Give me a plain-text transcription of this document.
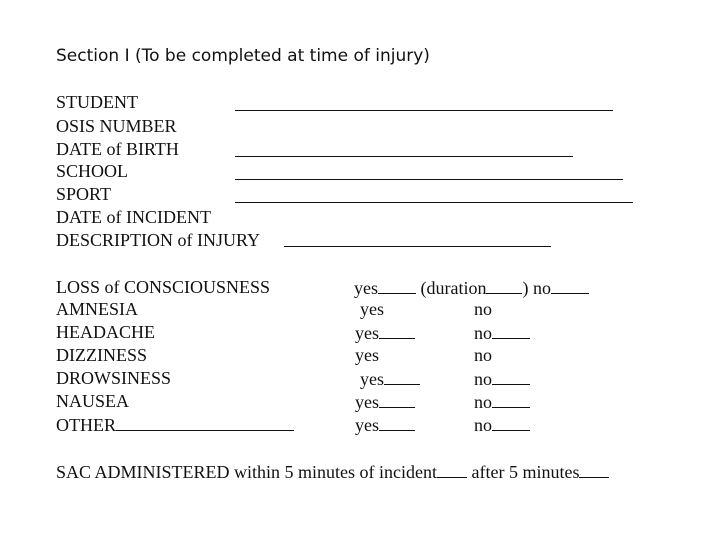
Section I (To be completed at time of injury)
STUDENT
OSIS NUMBER
DATE of BIRTH
SCHOOL
SPORT
DATE of INCIDENT
DESCRIPTION of INJURY
LOSS of CONSCIOUSNESS	yes (duration ) no
AMNESIA	yes	no
HEADACHE	yes	no
DIZZINESS	yes	no
DROWSINESS	yes	no
NAUSEA	yes	no
OTHER	yes	no
SAC ADMINISTERED within 5 minutes of incident after 5 minutes
